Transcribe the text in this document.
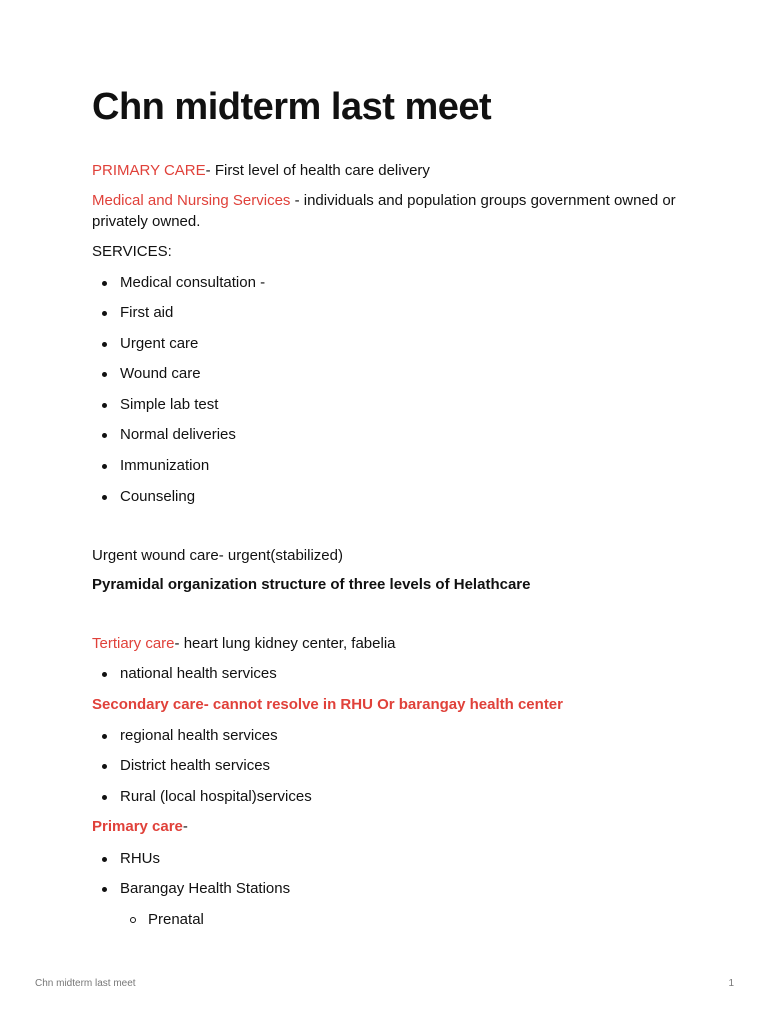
Chn midterm last meet
PRIMARY CARE- First level of health care delivery
Medical and Nursing Services - individuals and population groups government owned or privately owned.
SERVICES:
Medical consultation -
First aid
Urgent care
Wound care
Simple lab test
Normal deliveries
Immunization
Counseling
Urgent wound care- urgent(stabilized)
Pyramidal organization structure of three levels of Helathcare
Tertiary care- heart lung kidney center, fabelia
national health services
Secondary care- cannot resolve in RHU Or barangay health center
regional health services
District health services
Rural (local hospital)services
Primary care-
RHUs
Barangay Health Stations
Prenatal
Chn midterm last meet	1
